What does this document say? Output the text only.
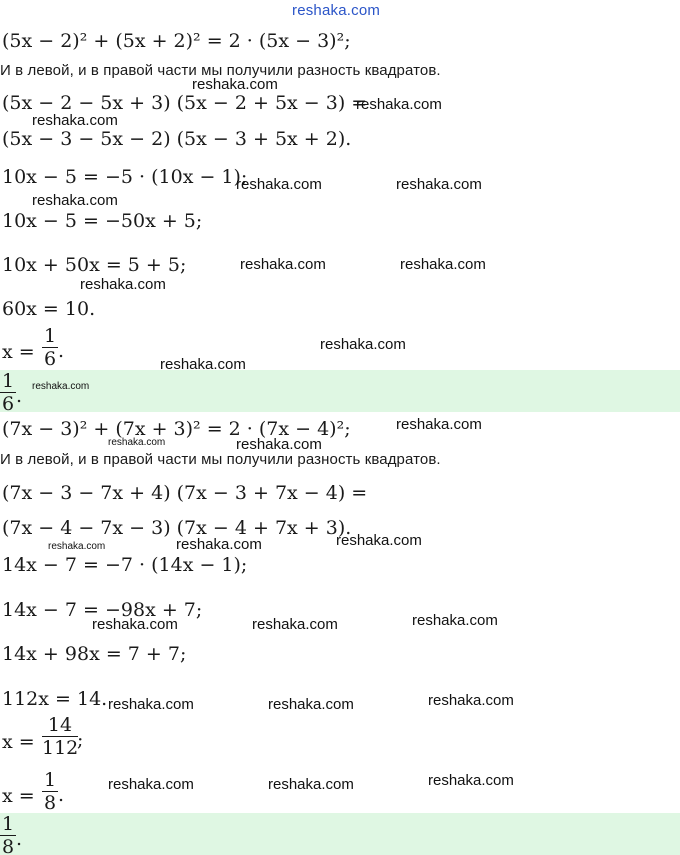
reshaka.com
(5x − 2)² + (5x + 2)² = 2 · (5x − 3)²;
И в левой, и в правой части мы получили разность квадратов.
(5x − 2 − 5x + 3) (5x − 2 + 5x − 3) =
(5x − 3 − 5x − 2) (5x − 3 + 5x + 2).
10x − 5 = −5 · (10x − 1);
10x − 5 = −50x + 5;
10x + 50x = 5 + 5;
60x = 10.
x =
1
6 .
1
6 .
(7x − 3)² + (7x + 3)² = 2 · (7x − 4)²;
И в левой, и в правой части мы получили разность квадратов.
(7x − 3 − 7x + 4) (7x − 3 + 7x − 4) =
(7x − 4 − 7x − 3) (7x − 4 + 7x + 3).
14x − 7 = −7 · (14x − 1);
14x − 7 = −98x + 7;
14x + 98x = 7 + 7;
112x = 14.
x =
14
112
;
x =
1
8 .
1
8 .
reshaka.com
reshaka.com
reshaka.com
reshaka.com	reshaka.com
reshaka.com
reshaka.com	reshaka.com
reshaka.com
reshaka.com
reshaka.com
reshaka.com
reshaka.com
reshaka.com
reshaka.com
reshaka.com	reshaka.com	reshaka.com
reshaka.com	reshaka.com	reshaka.com
reshaka.com	reshaka.com	reshaka.com
reshaka.com	reshaka.com	reshaka.com
